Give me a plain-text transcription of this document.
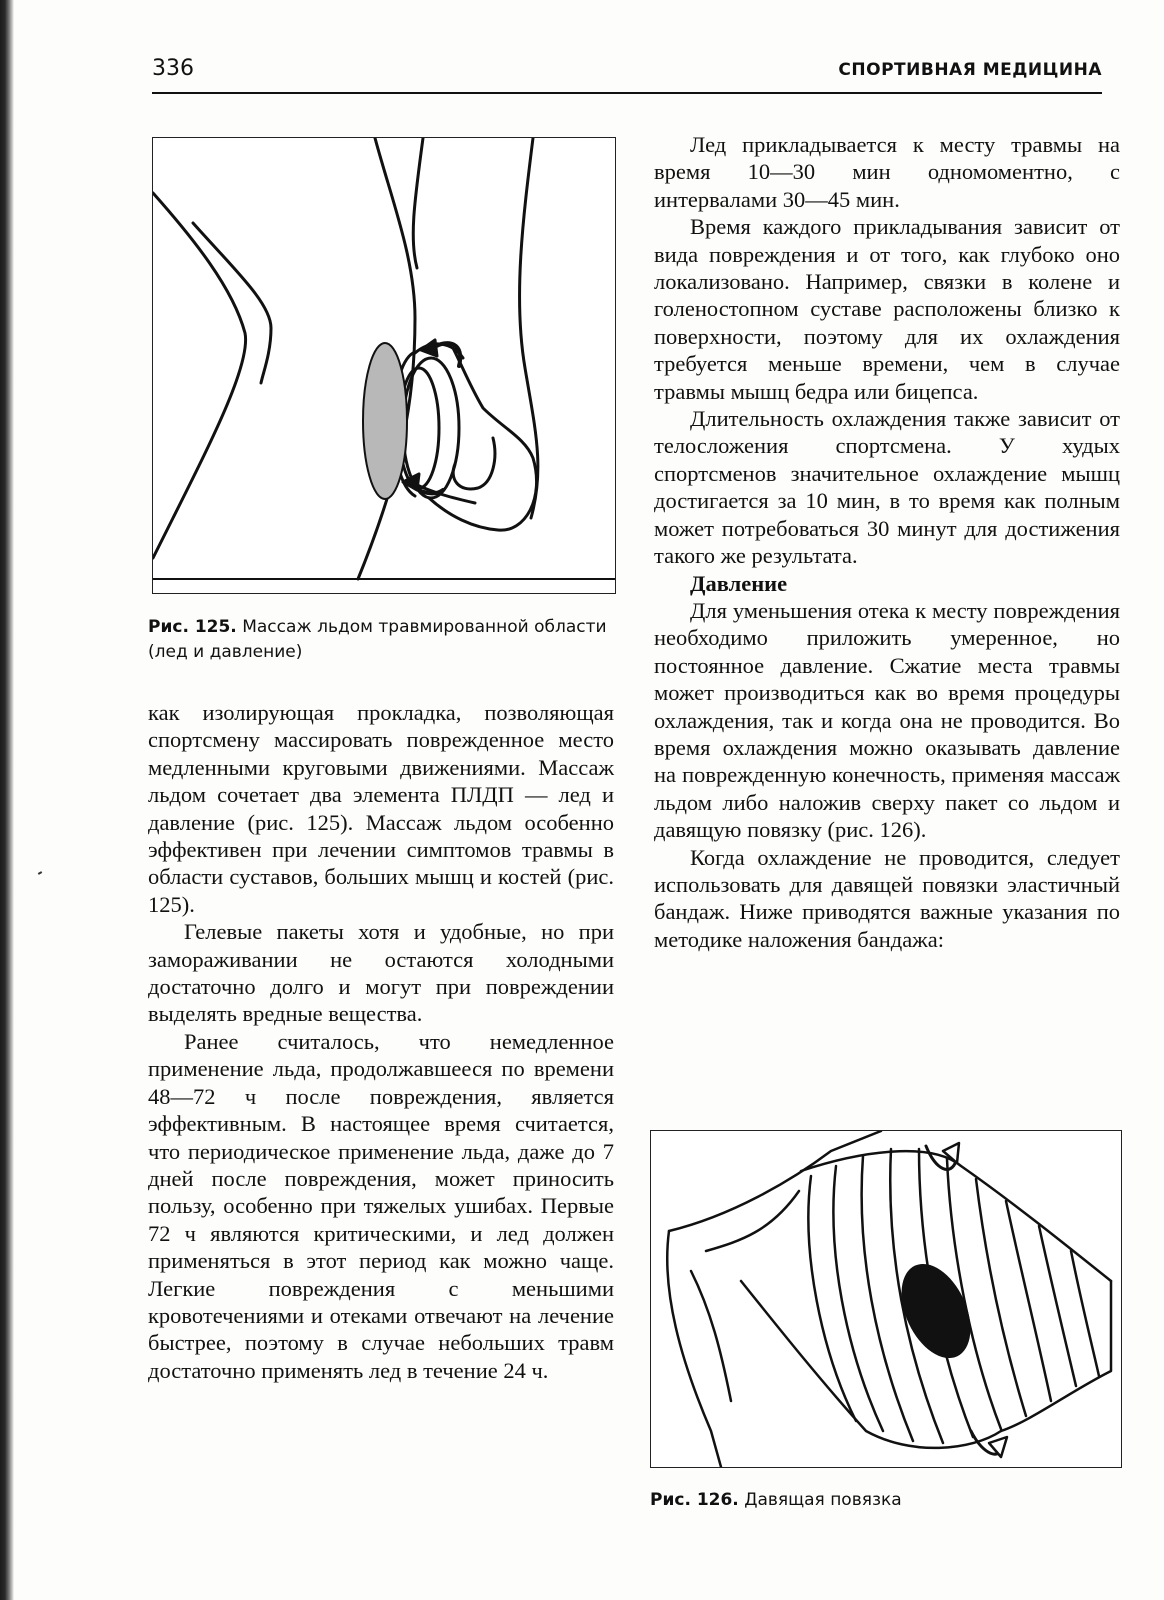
336	СПОРТИВНАЯ МЕДИЦИНА
Рис. 125. Массаж льдом травмированной области (лед и давление)

как изолирующая прокладка, позволяющая спортсмену массировать поврежденное место медленными круговыми движениями. Массаж льдом сочетает два элемента ПЛДП — лед и давление (рис. 125). Массаж льдом особенно эффективен при лечении симптомов травмы в области суставов, больших мышц и костей (рис. 125).

Гелевые пакеты хотя и удобные, но при замораживании не остаются холодными достаточно долго и могут при повреждении выделять вредные вещества.

Ранее считалось, что немедленное применение льда, продолжавшееся по времени 48—72 ч после повреждения, является эффективным. В настоящее время считается, что периодическое применение льда, даже до 7 дней после повреждения, может приносить пользу, особенно при тяжелых ушибах. Первые 72 ч являются критическими, и лед должен применяться в этот период как можно чаще. Легкие повреждения с меньшими кровотечениями и отеками отвечают на лечение быстрее, поэтому в случае небольших травм достаточно применять лед в течение 24 ч.

Лед прикладывается к месту травмы на время 10—30 мин одномоментно, с интервалами 30—45 мин.

Время каждого прикладывания зависит от вида повреждения и от того, как глубоко оно локализовано. Например, связки в колене и голеностопном суставе расположены близко к поверхности, поэтому для их охлаждения требуется меньше времени, чем в случае травмы мышц бедра или бицепса.

Длительность охлаждения также зависит от телосложения спортсмена. У худых спортсменов значительное охлаждение мышц достигается за 10 мин, в то время как полным может потребоваться 30 минут для достижения такого же результата.

Давление

Для уменьшения отека к месту повреждения необходимо приложить умеренное, но постоянное давление. Сжатие места травмы может производиться как во время процедуры охлаждения, так и когда она не проводится. Во время охлаждения можно оказывать давление на поврежденную конечность, применяя массаж льдом либо наложив сверху пакет со льдом и давящую повязку (рис. 126).

Когда охлаждение не проводится, следует использовать для давящей повязки эластичный бандаж. Ниже приводятся важные указания по методике наложения бандажа:

Рис. 126. Давящая повязка
